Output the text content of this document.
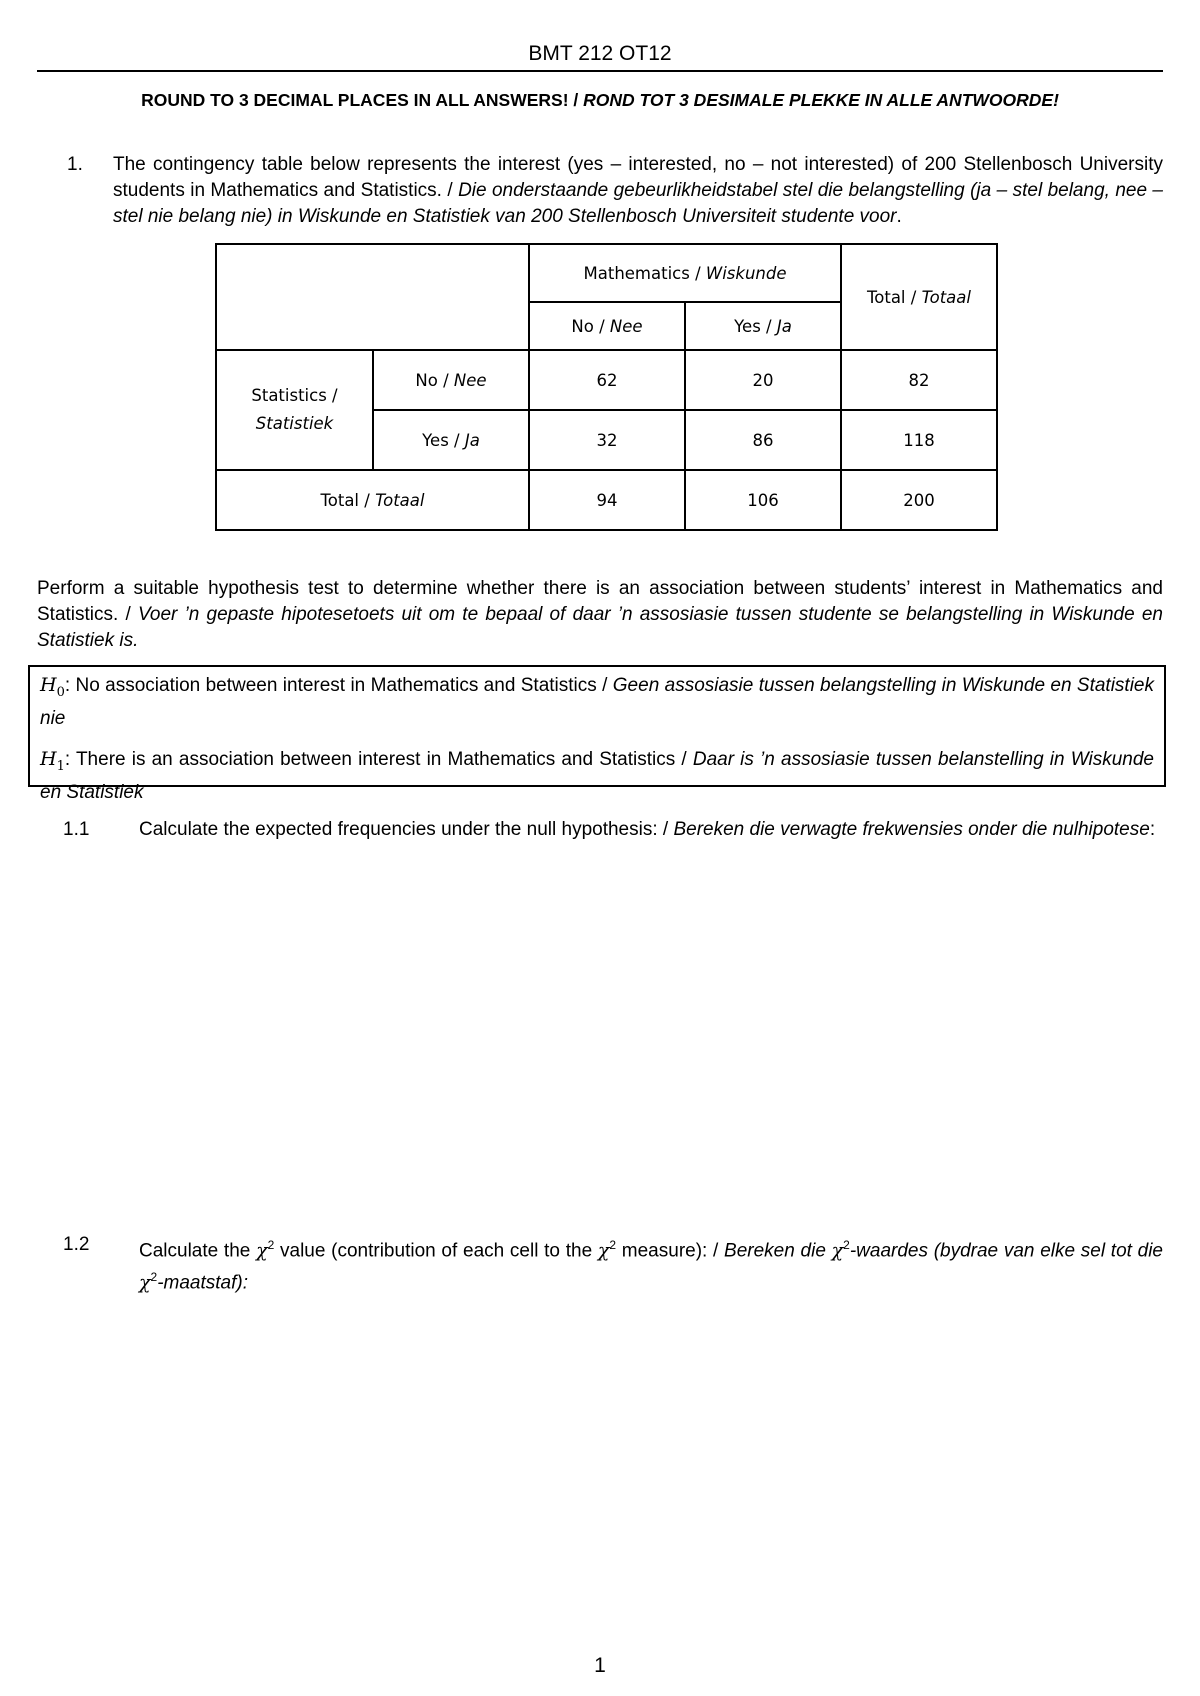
BMT 212 OT12
ROUND TO 3 DECIMAL PLACES IN ALL ANSWERS! / ROND TOT 3 DESIMALE PLEKKE IN ALLE ANTWOORDE!
1. The contingency table below represents the interest (yes – interested, no – not interested) of 200 Stellenbosch University students in Mathematics and Statistics. / Die onderstaande gebeurlikheidstabel stel die belangstelling (ja – stel belang, nee – stel nie belang nie) in Wiskunde en Statistiek van 200 Stellenbosch Universiteit studente voor.
		Mathematics / Wiskunde		Total / Totaal
		No / Nee	Yes / Ja	
Statistics /
Statistiek	No / Nee	62	20	82
	Yes / Ja	32	86	118
Total / Totaal		94	106	200
Perform a suitable hypothesis test to determine whether there is an association between students’ interest in Mathematics and Statistics. / Voer ’n gepaste hipotesetoets uit om te bepaal of daar ’n assosiasie tussen studente se belangstelling in Wiskunde en Statistiek is.

$H_0$: No association between interest in Mathematics and Statistics / Geen assosiasie tussen belangstelling in Wiskunde en Statistiek nie

$H_1$: There is an association between interest in Mathematics and Statistics / Daar is ’n assosiasie tussen belanstelling in Wiskunde en Statistiek

1.1	Calculate the expected frequencies under the null hypothesis: / Bereken die verwagte frekwensies onder die nulhipotese:
1.2	Calculate the $\chi^2$ value (contribution of each cell to the $\chi^2$ measure): / Bereken die $\chi^2$-waardes (bydrae van elke sel tot die $\chi^2-maatstaf$):
1
